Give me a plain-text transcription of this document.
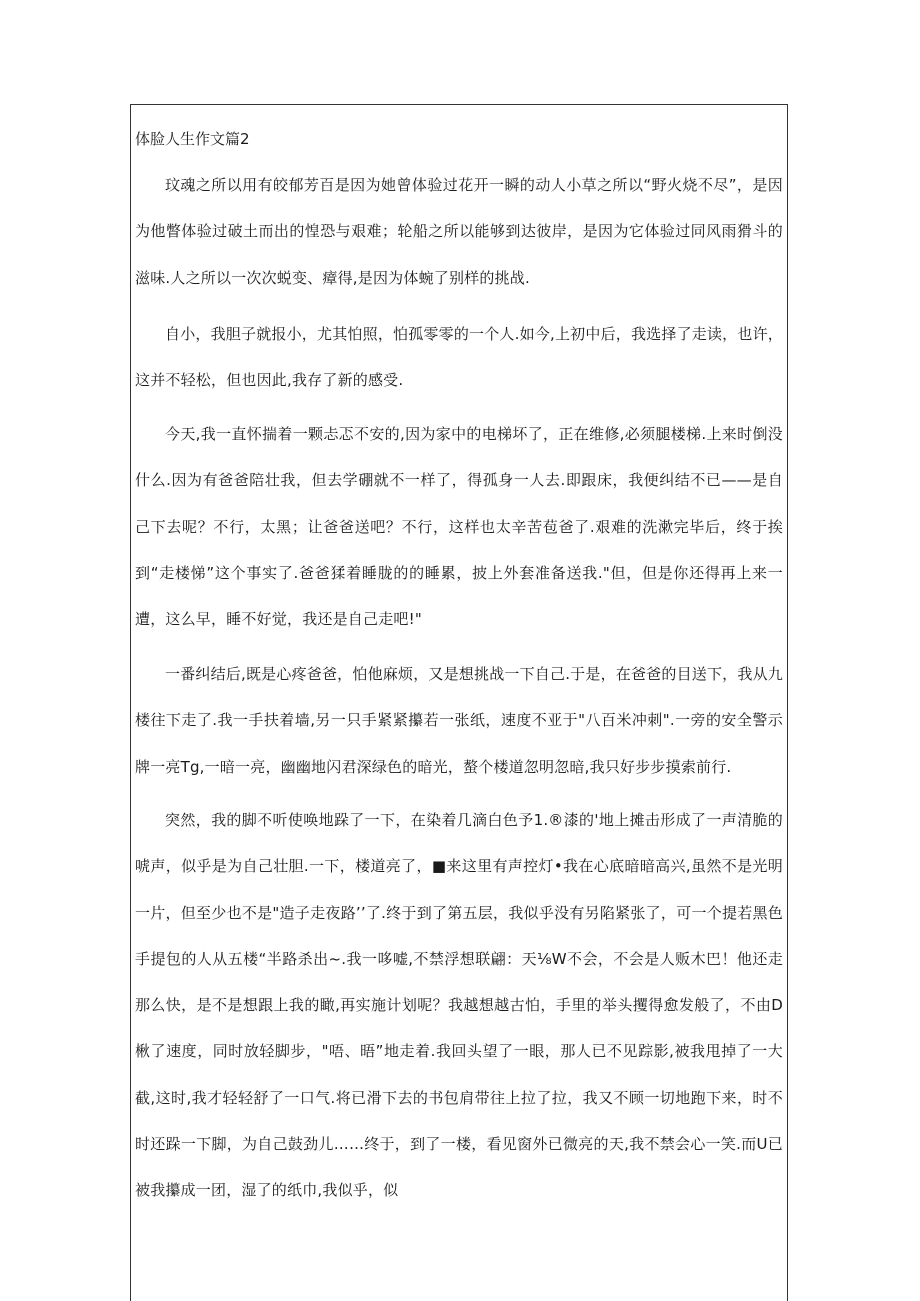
体脸人生作文篇2

玟魂之所以用有皎郁芳百是因为她曾体验过花开一瞬的动人小草之所以“野火烧不尽”，是因为他瞥体验过破土而出的惶恐与艰难；轮船之所以能够到达彼岸，是因为它体验过同风雨猾斗的滋味.人之所以一次次蜕变、瘴得,是因为体蜿了别样的挑战.

自小，我胆子就报小，尤其怕照，怕孤零零的一个人.如今,上初中后，我选择了走读，也许，这并不轻松，但也因此,我存了新的感受.

今天,我一直怀揣着一颗忐忑不安的,因为家中的电梯坏了，正在维修,必须腿楼梯.上来时倒没什么.因为有爸爸陪壮我，但去学硼就不一样了，得孤身一人去.即跟床，我便纠结不已——是自己下去呢？不行，太黑；让爸爸送吧？不行，这样也太辛苦苞爸了.艰难的洗漱完毕后，终于挨到“走楼悌”这个事实了.爸爸猱着睡胧的的睡累，披上外套准备送我."但，但是你还得再上来一遭，这么早，睡不好觉，我还是自己走吧!"

一番纠结后,既是心疼爸爸，怕他麻烦，又是想挑战一下自己.于是，在爸爸的目送下，我从九楼往下走了.我一手扶着墙,另一只手紧紧攥若一张纸，速度不亚于"八百米冲刺".一旁的安全警示牌一亮Tg,一暗一亮，幽幽地闪君深绿色的暗光，螯个楼道忽明忽暗,我只好步步摸索前行.

突然，我的脚不听使唤地跺了一下，在染着几滴白色予1.®漆的'地上摊击形成了一声清脆的唬声，似乎是为自己壮胆.一下，楼道亮了，■来这里有声控灯•我在心底暗暗高兴,虽然不是光明一片，但至少也不是"造子走夜路’’了.终于到了第五层，我似乎没有另陷紧张了，可一个提若黑色手提包的人从五楼“半路杀出~.我一哆嘘,不禁浮想联翩：天⅛W不会，不会是人贩木巴！他还走那么快，是不是想跟上我的瞰,再实施计划呢？我越想越古怕，手里的举头攫得愈发般了，不由D楸了速度，同时放轻脚步，"唔、晤”地走着.我回头望了一眼，那人已不见踪影,被我甩掉了一大截,这时,我才轻轻舒了一口气.将已滑下去的书包肩带往上拉了拉，我又不顾一切地跑下来，时不时还跺一下脚，为自己鼓劲儿……终于，到了一楼，看见窗外已微亮的天,我不禁会心一笑.而U已被我攥成一团，湿了的纸巾,我似乎，似
